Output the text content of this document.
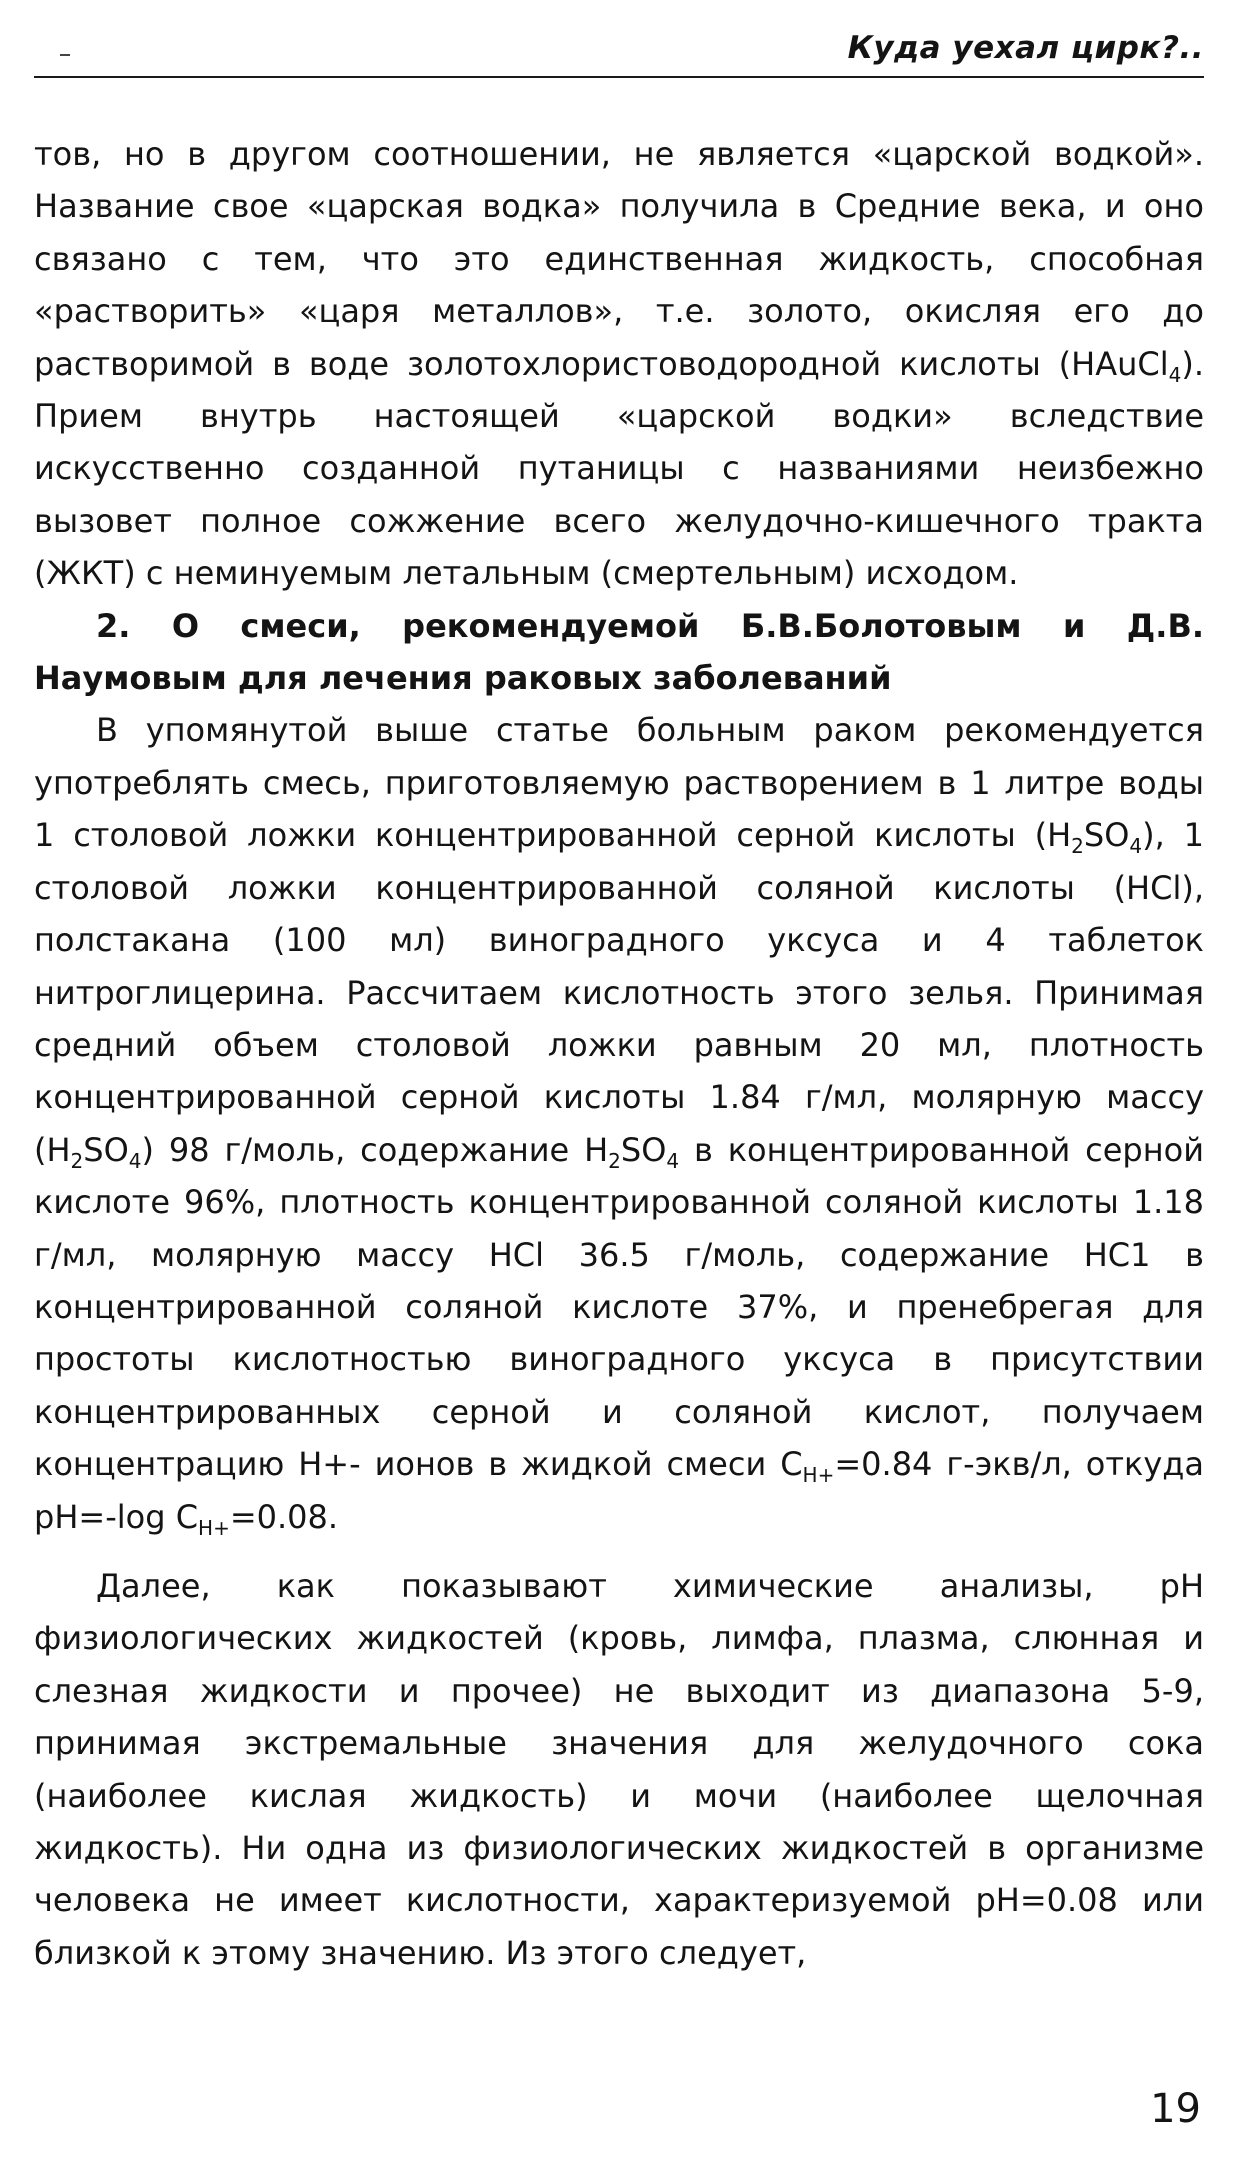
Куда уехал цирк?..

тов, но в другом соотношении, не является «царской водкой». Название свое «царская водка» получила в Средние века, и оно связано с тем, что это единственная жидкость, способная «растворить» «царя металлов», т.е. золото, окисляя его до растворимой в воде золотохлористоводородной кислоты (HAuCl$_4$). Прием внутрь настоящей «царской водки» вследствие искусственно созданной путаницы с названиями неизбежно вызовет полное сожжение всего желудочно-кишечного тракта (ЖКТ) с неминуемым летальным (смертельным) исходом.

2. О смеси, рекомендуемой Б.В.Болотовым и Д.В. Наумовым для лечения раковых заболеваний

В упомянутой выше статье больным раком рекомендуется употреблять смесь, приготовляемую растворением в 1 литре воды 1 столовой ложки концентрированной серной кислоты $(H_2SO_4)$, 1 столовой ложки концентрированной соляной кислоты (HCl), полстакана (100 мл) виноградного уксуса и 4 таблеток нитроглицерина. Рассчитаем кислотность этого зелья. Принимая средний объем столовой ложки равным 20 мл, плотность концентрированной серной кислоты 1.84 г/мл, молярную массу $(H_2SO_4)$ 98 г/моль, содержание $H_2SO_4$ в концентрированной серной кислоте 96%, плотность концентрированной соляной кислоты 1.18 г/мл, молярную массу HCl 36.5 г/моль, содержание HC1 в концентрированной соляной кислоте 37%, и пренебрегая для простоты кислотностью виноградного уксуса в присутствии концентрированных серной и соляной кислот, получаем концентрацию H+- ионов в жидкой смеси $C_{H+}=0.84$ г-экв/л, откуда pH=-log $C_{H+}=0.08$.

Далее, как показывают химические анализы, pH физиологических жидкостей (кровь, лимфа, плазма, слюнная и слезная жидкости и прочее) не выходит из диапазона 5-9, принимая экстремальные значения для желудочного сока (наиболее кислая жидкость) и мочи (наиболее щелочная жидкость). Ни одна из физиологических жидкостей в организме человека не имеет кислотности, характеризуемой pH=0.08 или близкой к этому значению. Из этого следует,

19
